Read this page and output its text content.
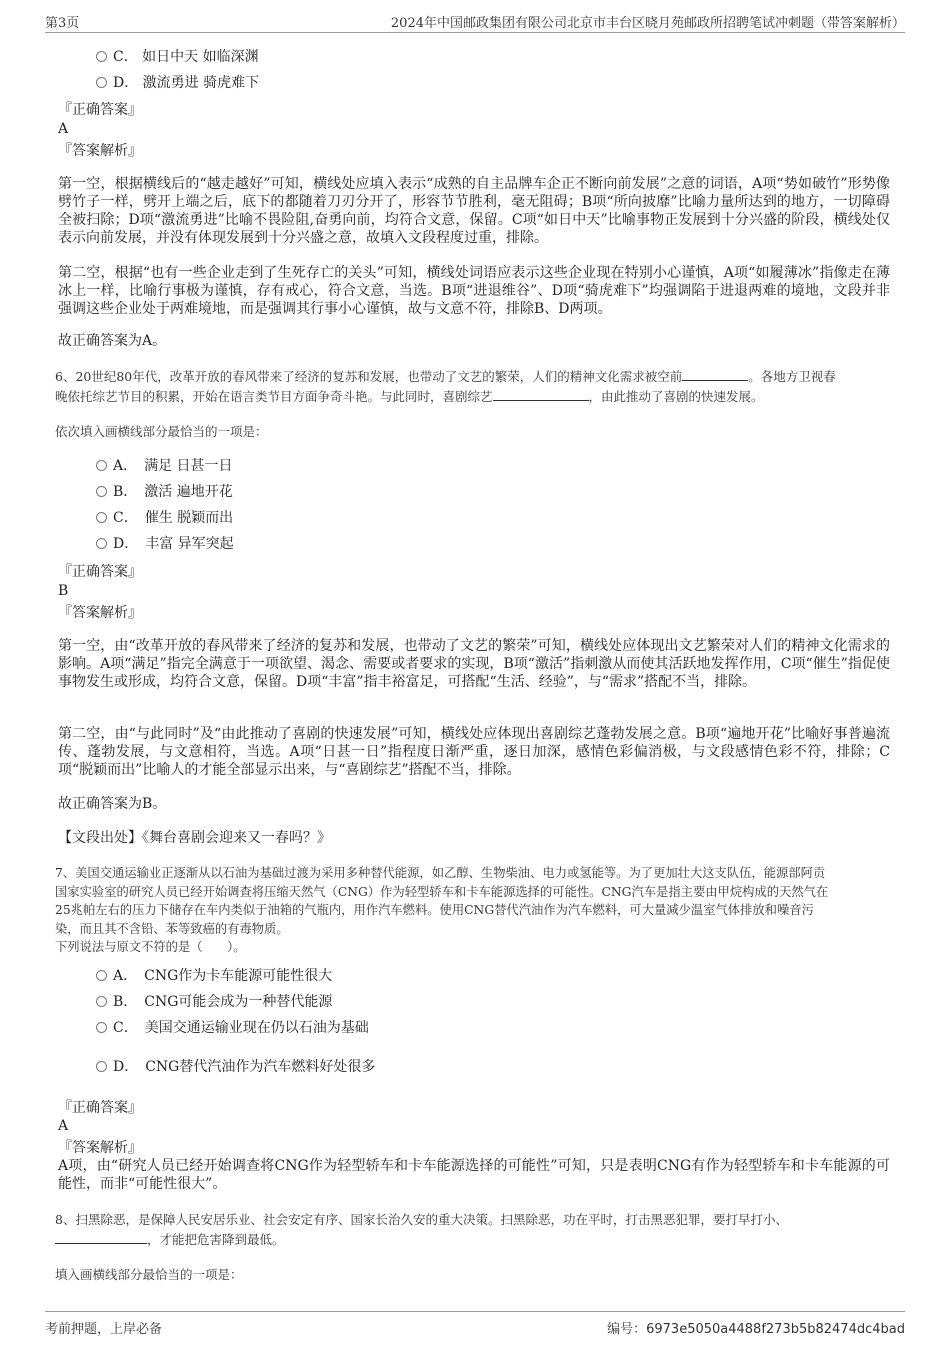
第3页	2024年中国邮政集团有限公司北京市丰台区晓月苑邮政所招聘笔试冲刺题（带答案解析）
C． 如日中天 如临深渊
D． 激流勇进 骑虎难下
『正确答案』
A
『答案解析』
第一空，根据横线后的“越走越好”可知，横线处应填入表示“成熟的自主品牌车企正不断向前发展”之意的词语，A项“势如破竹”形势像劈竹子一样，劈开上端之后，底下的都随着刀刃分开了，形容节节胜利，毫无阻碍；B项“所向披靡”比喻力量所达到的地方，一切障碍全被扫除；D项“激流勇进”比喻不畏险阻,奋勇向前，均符合文意，保留。C项“如日中天”比喻事物正发展到十分兴盛的阶段，横线处仅表示向前发展，并没有体现发展到十分兴盛之意，故填入文段程度过重，排除。
第二空，根据“也有一些企业走到了生死存亡的关头”可知，横线处词语应表示这些企业现在特别小心谨慎，A项“如履薄冰”指像走在薄冰上一样，比喻行事极为谨慎，存有戒心，符合文意，当选。B项“进退维谷”、D项“骑虎难下”均强调陷于进退两难的境地，文段并非强调这些企业处于两难境地，而是强调其行事小心谨慎，故与文意不符，排除B、D两项。
故正确答案为A。
6、20世纪80年代，改革开放的春风带来了经济的复苏和发展，也带动了文艺的繁荣，人们的精神文化需求被空前	。各地方卫视春
晚依托综艺节目的积累，开始在语言类节目方面争奇斗艳。与此同时，喜剧综艺	，由此推动了喜剧的快速发展。
依次填入画横线部分最恰当的一项是：
A．　满足 日甚一日
B．　激活 遍地开花
C．　催生 脱颖而出
D．　丰富 异军突起
『正确答案』
B
『答案解析』
第一空，由“改革开放的春风带来了经济的复苏和发展，也带动了文艺的繁荣”可知，横线处应体现出文艺繁荣对人们的精神文化需求的影响。A项“满足”指完全满意于一项欲望、渴念、需要或者要求的实现，B项“激活”指刺激从而使其活跃地发挥作用，C项“催生”指促使事物发生或形成，均符合文意，保留。D项“丰富”指丰裕富足，可搭配“生活、经验”，与“需求”搭配不当，排除。
第二空，由“与此同时”及“由此推动了喜剧的快速发展”可知，横线处应体现出喜剧综艺蓬勃发展之意。B项“遍地开花”比喻好事普遍流传、蓬勃发展，与文意相符，当选。A项“日甚一日”指程度日渐严重，逐日加深，感情色彩偏消极，与文段感情色彩不符，排除；C项“脱颖而出”比喻人的才能全部显示出来，与“喜剧综艺”搭配不当，排除。
故正确答案为B。
【文段出处】《舞台喜剧会迎来又一春吗？》
7、美国交通运输业正逐渐从以石油为基础过渡为采用多种替代能源，如乙醇、生物柴油、电力或氢能等。为了更加壮大这支队伍，能源部阿贡
国家实验室的研究人员已经开始调查将压缩天然气（CNG）作为轻型轿车和卡车能源选择的可能性。CNG汽车是指主要由甲烷构成的天然气在
25兆帕左右的压力下储存在车内类似于油箱的气瓶内，用作汽车燃料。使用CNG替代汽油作为汽车燃料，可大量减少温室气体排放和噪音污
染，而且其不含铅、苯等致癌的有毒物质。
下列说法与原文不符的是（　　）。
A．　CNG作为卡车能源可能性很大
B．　CNG可能会成为一种替代能源
C．　美国交通运输业现在仍以石油为基础
D．　CNG替代汽油作为汽车燃料好处很多
『正确答案』
A
『答案解析』
A项，由“研究人员已经开始调查将CNG作为轻型轿车和卡车能源选择的可能性”可知，只是表明CNG有作为轻型轿车和卡车能源的可能性，而非“可能性很大”。
8、扫黑除恶，是保障人民安居乐业、社会安定有序、国家长治久安的重大决策。扫黑除恶，功在平时，打击黑恶犯罪，要打早打小、
，才能把危害降到最低。
填入画横线部分最恰当的一项是：
考前押题，上岸必备	编号：6973e5050a4488f273b5b82474dc4bad
